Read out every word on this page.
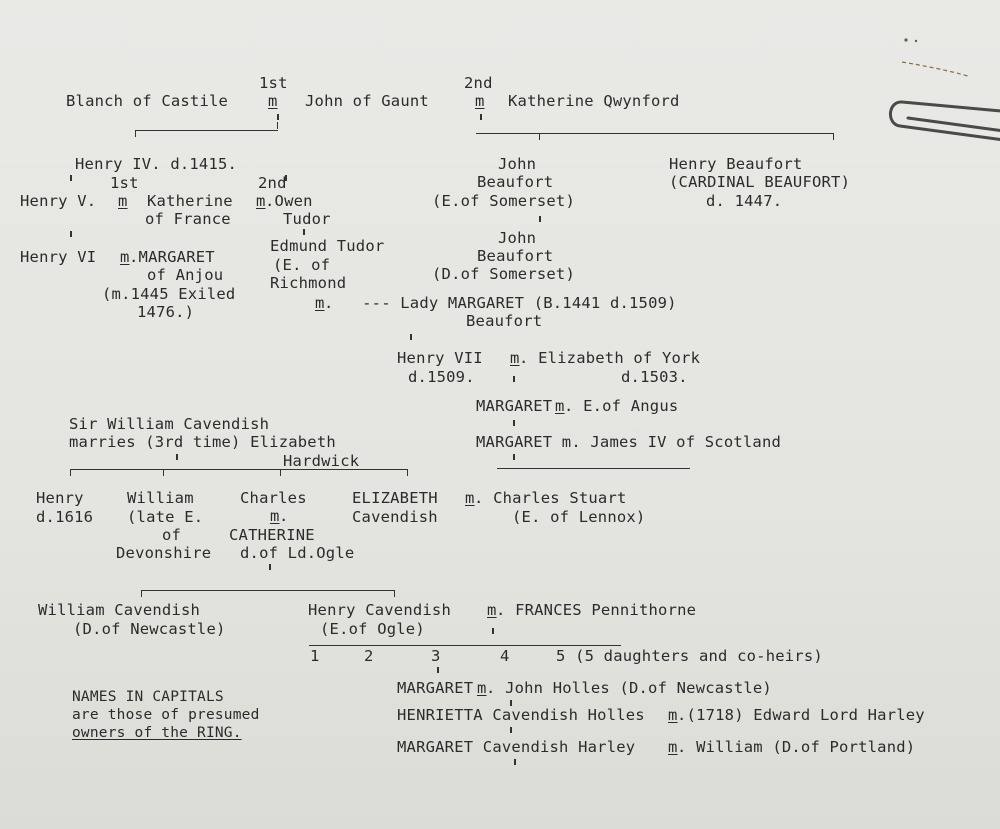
1st	2nd
Blanch of Castile	m John of Gaunt	m Katherine Qwynford
Henry IV. d.1415.	John
Beaufort
(E.of Somerset)
Henry Beaufort
(CARDINAL BEAUFORT)
d. 1447.
1st	2nd
Henry V. m Katherine m .Owen
of France	Tudor
Henry VI m .MARGARET
of Anjou
(m.1445 Exiled
1476.)
Edmund Tudor
(E. of
Richmond
m .   --- Lady MARGARET (B.1441 d.1509)
John
Beaufort
(D.of Somerset)
Beaufort
Henry VII m . Elizabeth of York
d.1509.	d.1503.
MARGARET m . E.of Angus
MARGARET m. James IV of Scotland
Sir William Cavendish
marries (3rd time) Elizabeth
Hardwick
Henry
d.1616
William
(late E.
of
Devonshire
Charles
m .
CATHERINE
d.of Ld.Ogle
ELIZABETH m . Charles Stuart
Cavendish	(E. of Lennox)
William Cavendish
(D.of Newcastle)
Henry Cavendish m . FRANCES Pennithorne
(E.of Ogle)
1	2	3	4	5 (5 daughters and co-heirs)
NAMES IN CAPITALS
are those of presumed
owners of the RING.
MARGARET m . John Holles (D.of Newcastle)
HENRIETTA Cavendish Holles m .(1718) Edward Lord Harley
MARGARET Cavendish Harley m . William (D.of Portland)
